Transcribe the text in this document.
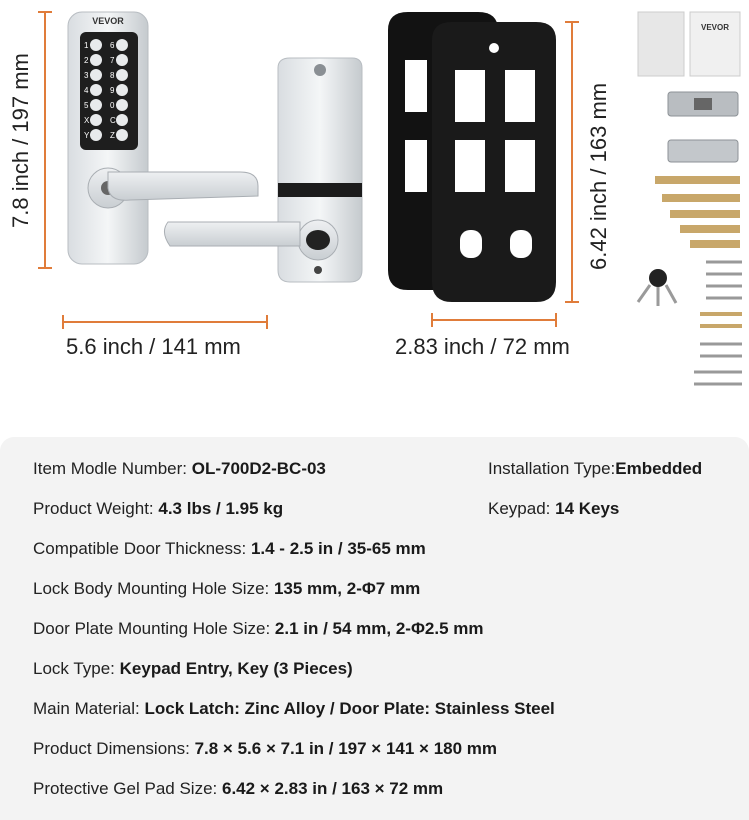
VEVOR
1	6
2	7
3	8
4	9
5	0
X	C
Y	Z
VEVOR
7.8 inch / 197 mm	6.42 inch / 163 mm
5.6 inch / 141 mm	2.83 inch / 72 mm
Item Modle Number: OL-700D2-BC-03	Installation Type:Embedded
Product Weight: 4.3 lbs / 1.95 kg	Keypad: 14 Keys
Compatible Door Thickness: 1.4 - 2.5 in / 35-65 mm
Lock Body Mounting Hole Size: 135 mm, 2-Φ7 mm
Door Plate Mounting Hole Size: 2.1 in / 54 mm, 2-Φ2.5 mm
Lock Type: Keypad Entry, Key (3 Pieces)
Main Material: Lock Latch: Zinc Alloy / Door Plate: Stainless Steel
Product Dimensions: 7.8 × 5.6 × 7.1 in / 197 × 141 × 180 mm
Protective Gel Pad Size: 6.42 × 2.83 in / 163 × 72 mm
